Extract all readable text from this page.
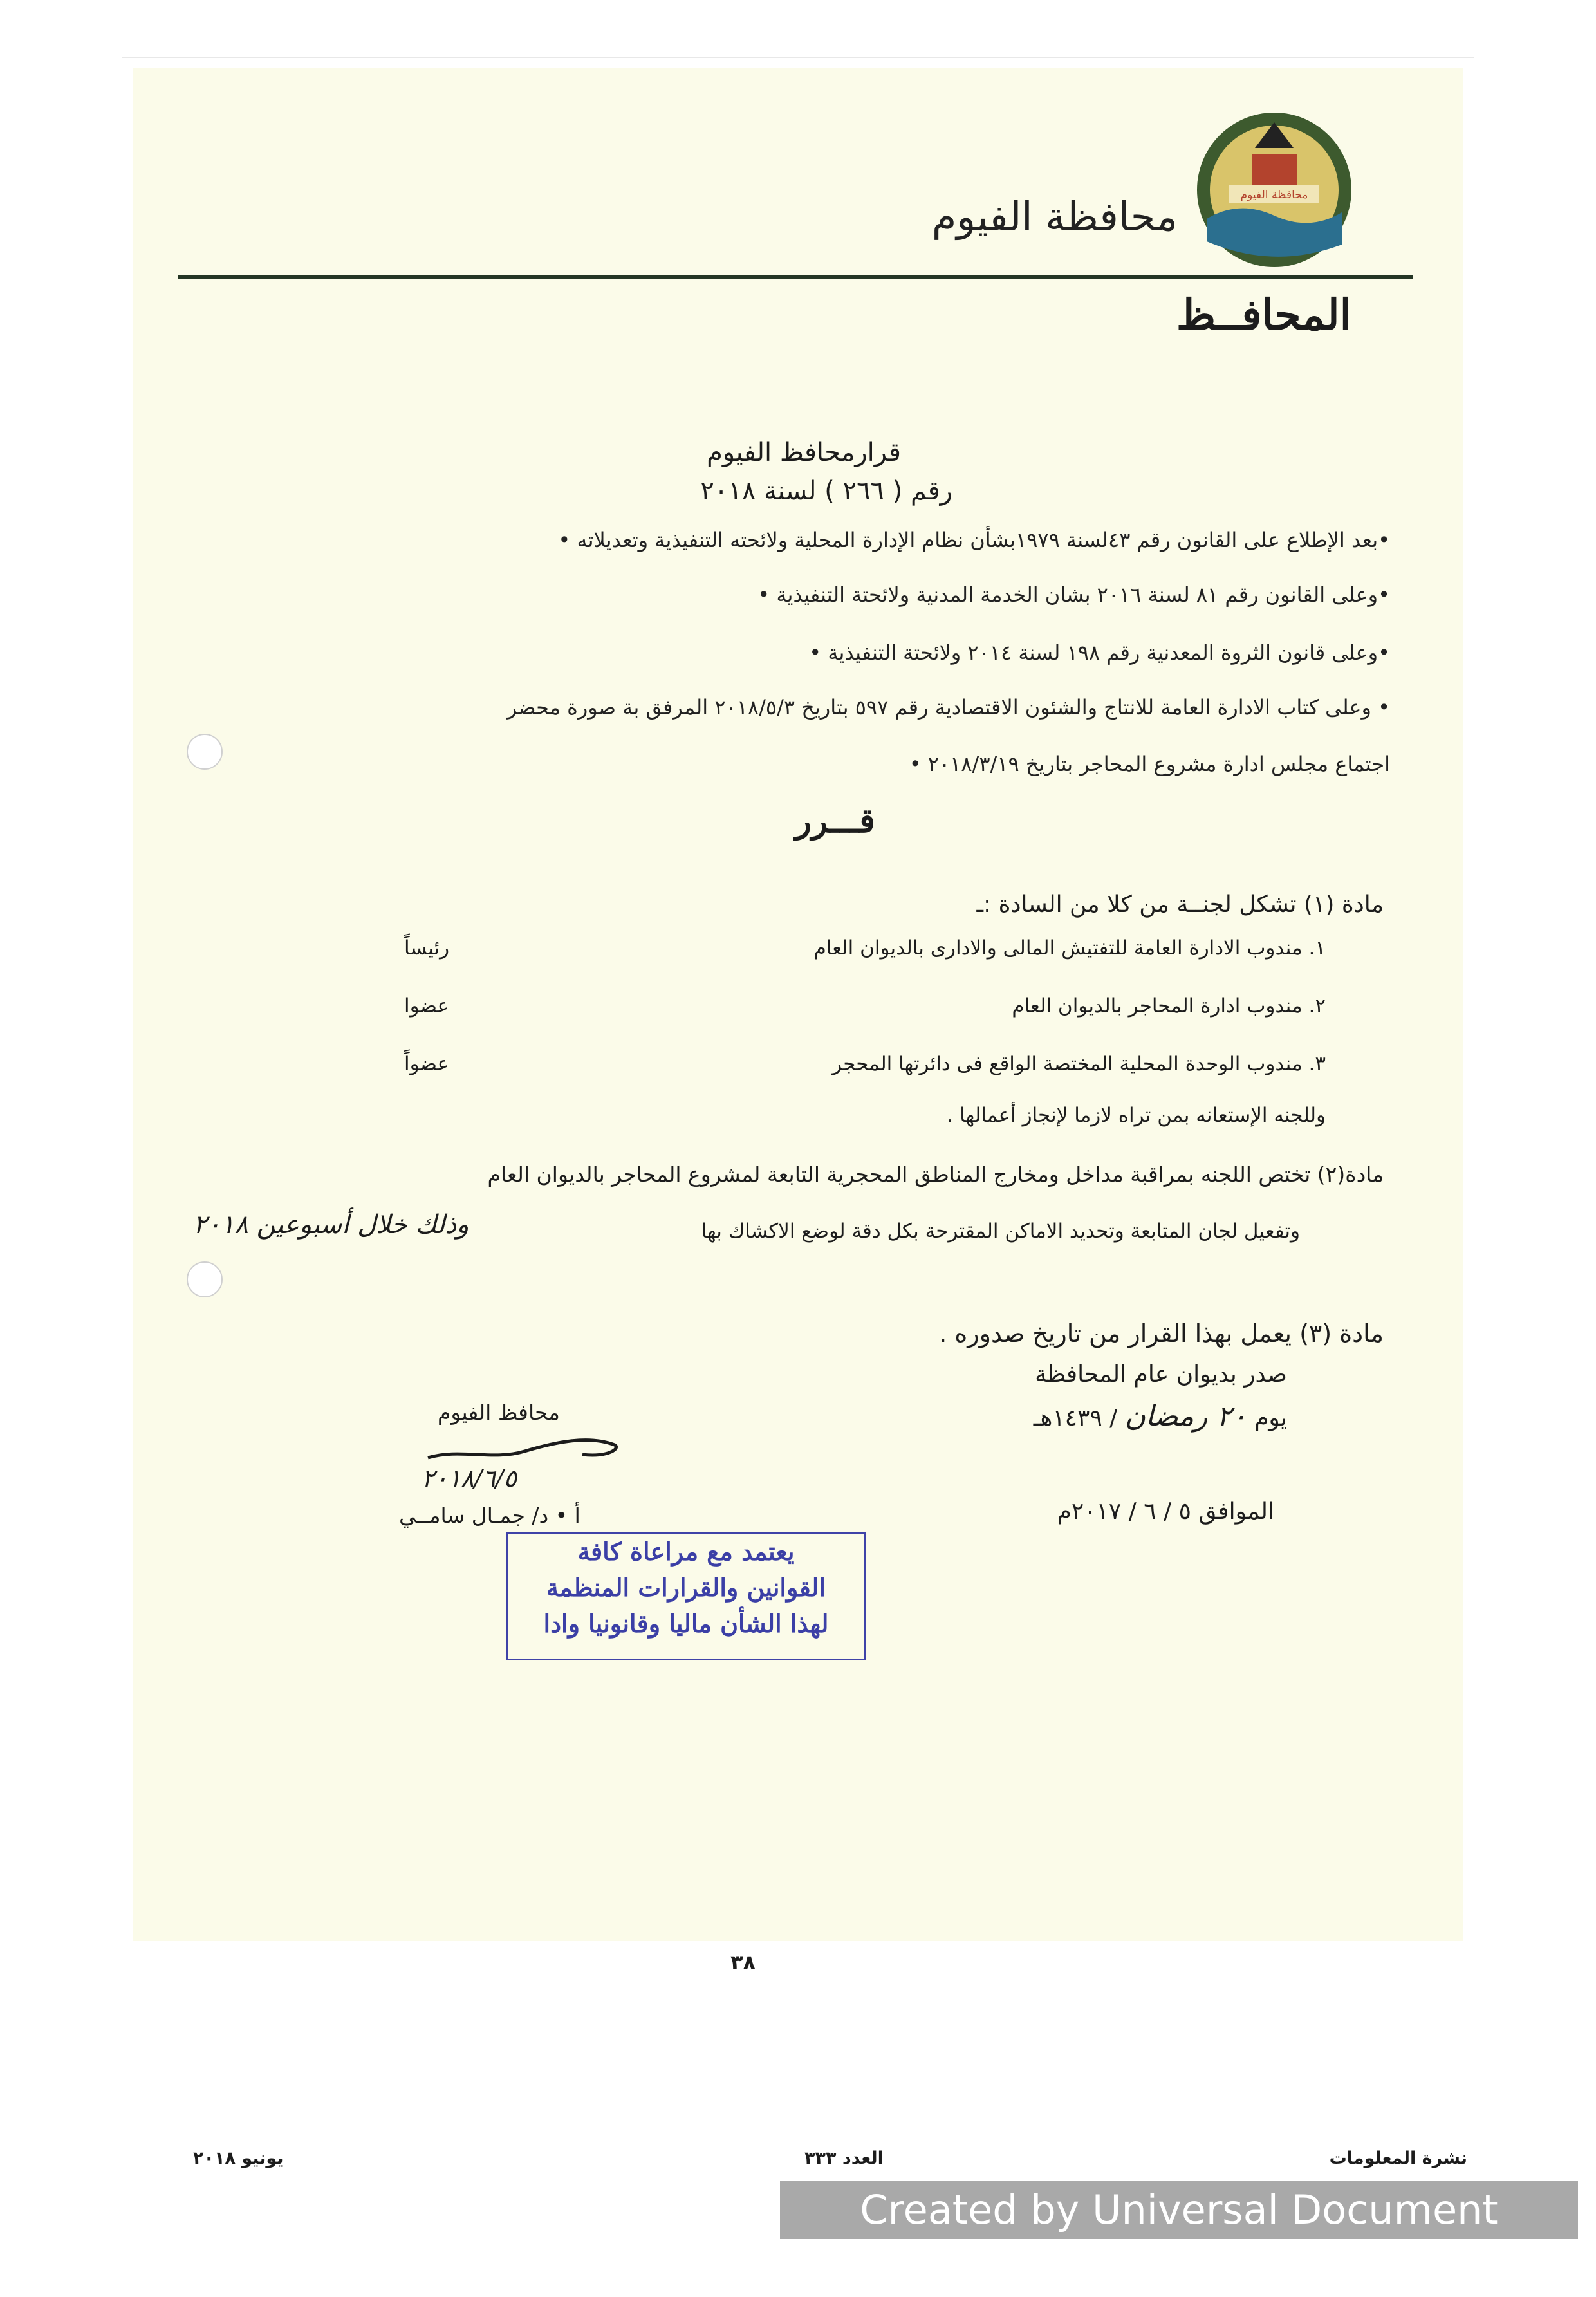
محافظة الفيوم
محافظة الفيوم
المحافــظ
قرارمحافظ الفيوم
رقم ( ٢٦٦ ) لسنة ٢٠١٨
•بعد الإطلاع على القانون رقم ٤٣لسنة ١٩٧٩بشأن نظام الإدارة المحلية ولائحته التنفيذية وتعديلاته •
•وعلى القانون رقم ٨١ لسنة ٢٠١٦ بشان الخدمة المدنية ولائحتة التنفيذية •
•وعلى قانون الثروة المعدنية رقم ١٩٨ لسنة ٢٠١٤ ولائحتة التنفيذية •
• وعلى كتاب الادارة العامة للانتاج والشئون الاقتصادية رقم ٥٩٧ بتاريخ ٢٠١٨/٥/٣ المرفق بة صورة محضر
اجتماع مجلس ادارة مشروع المحاجر بتاريخ ٢٠١٨/٣/١٩ •
قـــرر
مادة (١) تشكل لجنــة من كلا من السادة :ـ
١. مندوب الادارة العامة للتفتيش المالى والادارى بالديوان العام
رئيساً
٢. مندوب ادارة المحاجر بالديوان العام
عضوا
٣. مندوب الوحدة المحلية المختصة الواقع فى دائرتها المحجر
عضواً
وللجنه الإستعانه بمن تراه لازما لإنجاز أعمالها .
مادة(٢) تختص اللجنه بمراقبة مداخل ومخارج المناطق المحجرية التابعة لمشروع المحاجر بالديوان العام
وتفعيل لجان المتابعة وتحديد الاماكن المقترحة بكل دقة لوضع الاكشاك بها
وذلك خلال أسبوعين ٢٠١٨
مادة (٣) يعمل بهذا القرار من تاريخ صدوره .
صدر بديوان عام المحافظة
يوم ٢٠ رمضان / ١٤٣٩هـ
الموافق ٥ / ٦ / ٢٠١٧م
محافظ الفيوم
٢٠١٨/٦/٥
أ • د/ جمـال سامــي
يعتمد مع مراعاة كافة
القوانين والقرارات المنظمة
لهذا الشأن ماليا وقانونيا وادا
٣٨
نشرة المعلومات
العدد ٣٣٣
يونيو ٢٠١٨
Created by Universal Document Converter
